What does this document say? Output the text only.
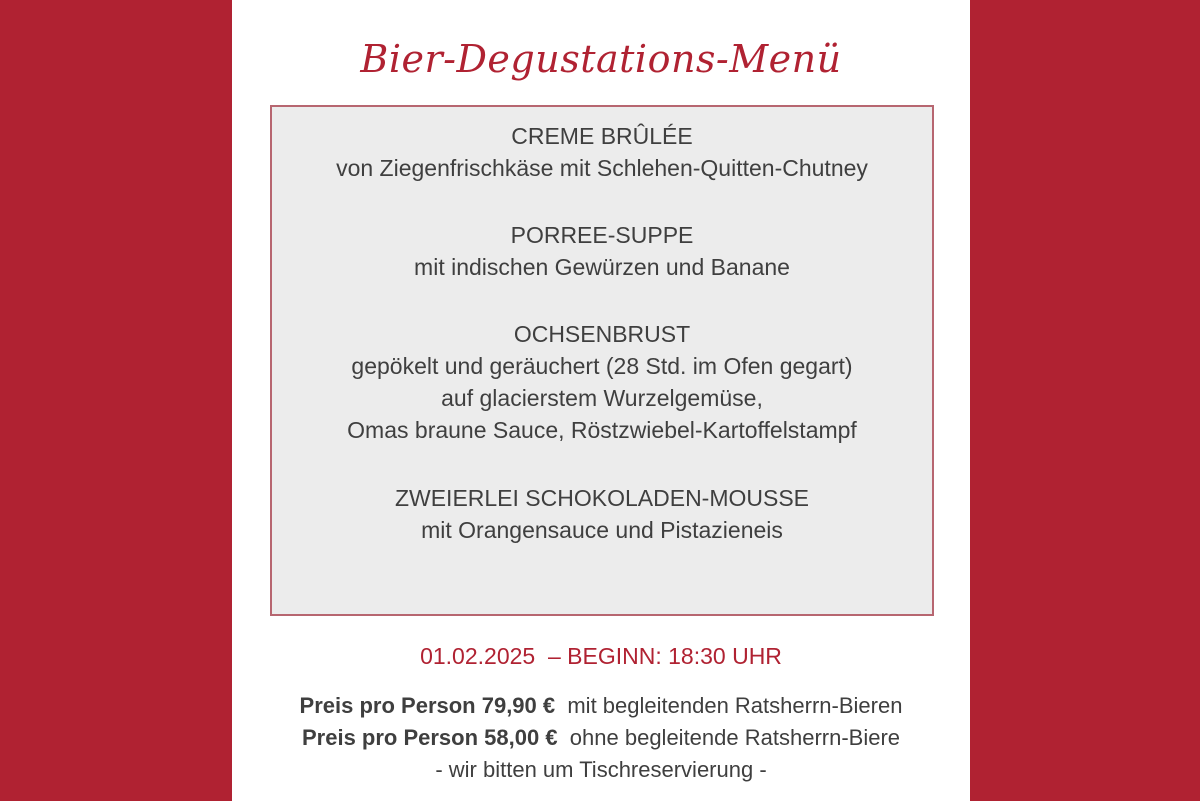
Bier-Degustations-Menü
CREME BRÛLÉE
von Ziegenfrischkäse mit Schlehen-Quitten-Chutney
PORREE-SUPPE
mit indischen Gewürzen und Banane
OCHSENBRUST
gepökelt und geräuchert (28 Std. im Ofen gegart)
auf glacierstem Wurzelgemüse,
Omas braune Sauce, Röstzwiebel-Kartoffelstampf
ZWEIERLEI SCHOKOLADEN-MOUSSE
mit Orangensauce und Pistazieneis
01.02.2025 – BEGINN: 18:30 UHR
Preis pro Person 79,90 € mit begleitenden Ratsherrn-Bieren
Preis pro Person 58,00 € ohne begleitende Ratsherrn-Biere
- wir bitten um Tischreservierung -
